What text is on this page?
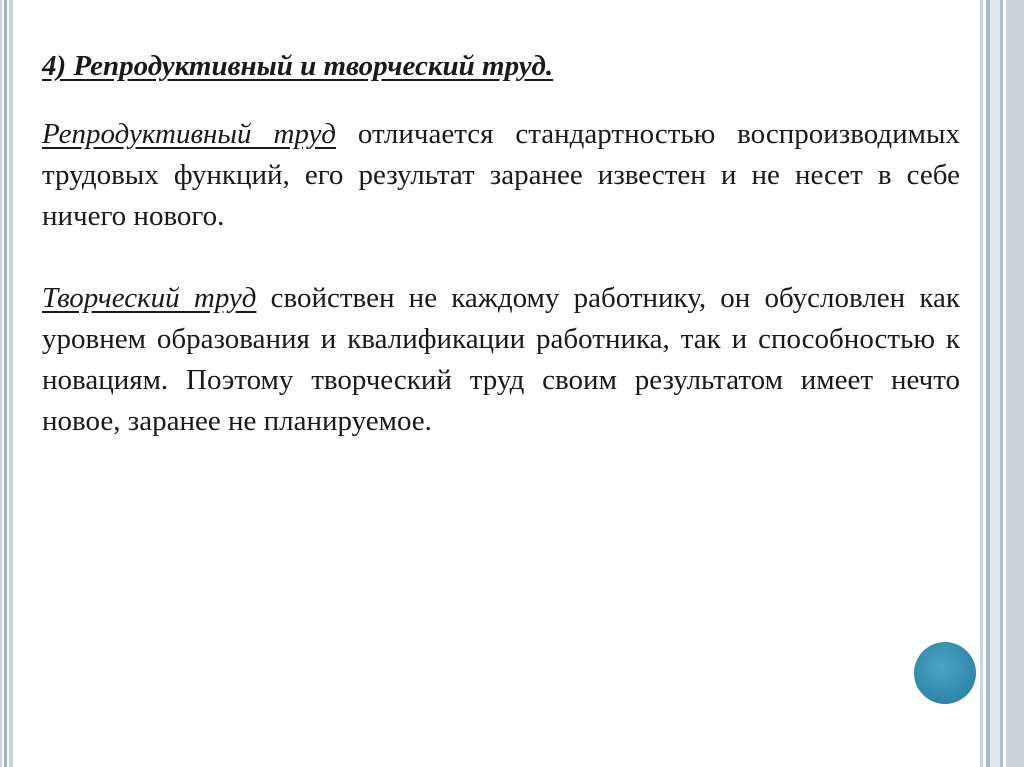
4) Репродуктивный и творческий труд.

Репродуктивный труд отличается стандартностью воспроизводимых трудовых функций, его результат заранее известен и не несет в себе ничего нового.

Творческий труд свойствен не каждому работнику, он обусловлен как уровнем образования и квалификации работника, так и способностью к новациям. Поэтому творческий труд своим результатом имеет нечто новое, заранее не планируемое.
